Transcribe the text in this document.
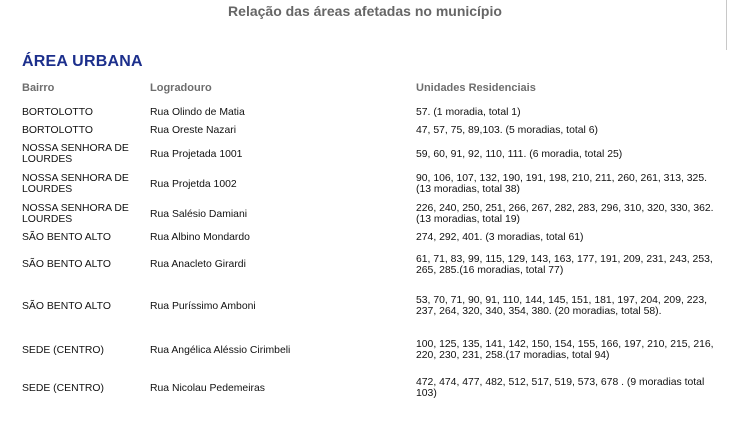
Relação das áreas afetadas no município
ÁREA URBANA
Bairro	Logradouro	Unidades Residenciais
BORTOLOTTO	Rua Olindo de Matia	57. (1 moradia, total 1)
BORTOLOTTO	Rua Oreste Nazari	47, 57, 75, 89,103. (5 moradias, total 6)
NOSSA SENHORA DE LOURDES	Rua Projetada 1001	59, 60, 91, 92, 110, 111. (6 moradia, total 25)
NOSSA SENHORA DE LOURDES	Rua Projetda 1002	90, 106, 107, 132, 190, 191, 198, 210, 211, 260, 261, 313, 325. (13 moradias, total 38)
NOSSA SENHORA DE LOURDES	Rua Salésio Damiani	226, 240, 250, 251, 266, 267, 282, 283, 296, 310, 320, 330, 362.(13 moradias, total 19)
SÃO BENTO ALTO	Rua Albino Mondardo	274, 292, 401. (3 moradias, total 61)
SÃO BENTO ALTO	Rua Anacleto Girardi	61, 71, 83, 99, 115, 129, 143, 163, 177, 191, 209, 231, 243, 253, 265, 285.(16 moradias, total 77)
SÃO BENTO ALTO	Rua Puríssimo Amboni	53, 70, 71, 90, 91, 110, 144, 145, 151, 181, 197, 204, 209, 223, 237, 264, 320, 340, 354, 380. (20 moradias, total 58).
SEDE (CENTRO)	Rua Angélica Aléssio Cirimbeli	100, 125, 135, 141, 142, 150, 154, 155, 166, 197, 210, 215, 216, 220, 230, 231, 258.(17 moradias, total 94)
SEDE (CENTRO)	Rua Nicolau Pedemeiras	472, 474, 477, 482, 512, 517, 519, 573, 678 . (9 moradias total 103)
